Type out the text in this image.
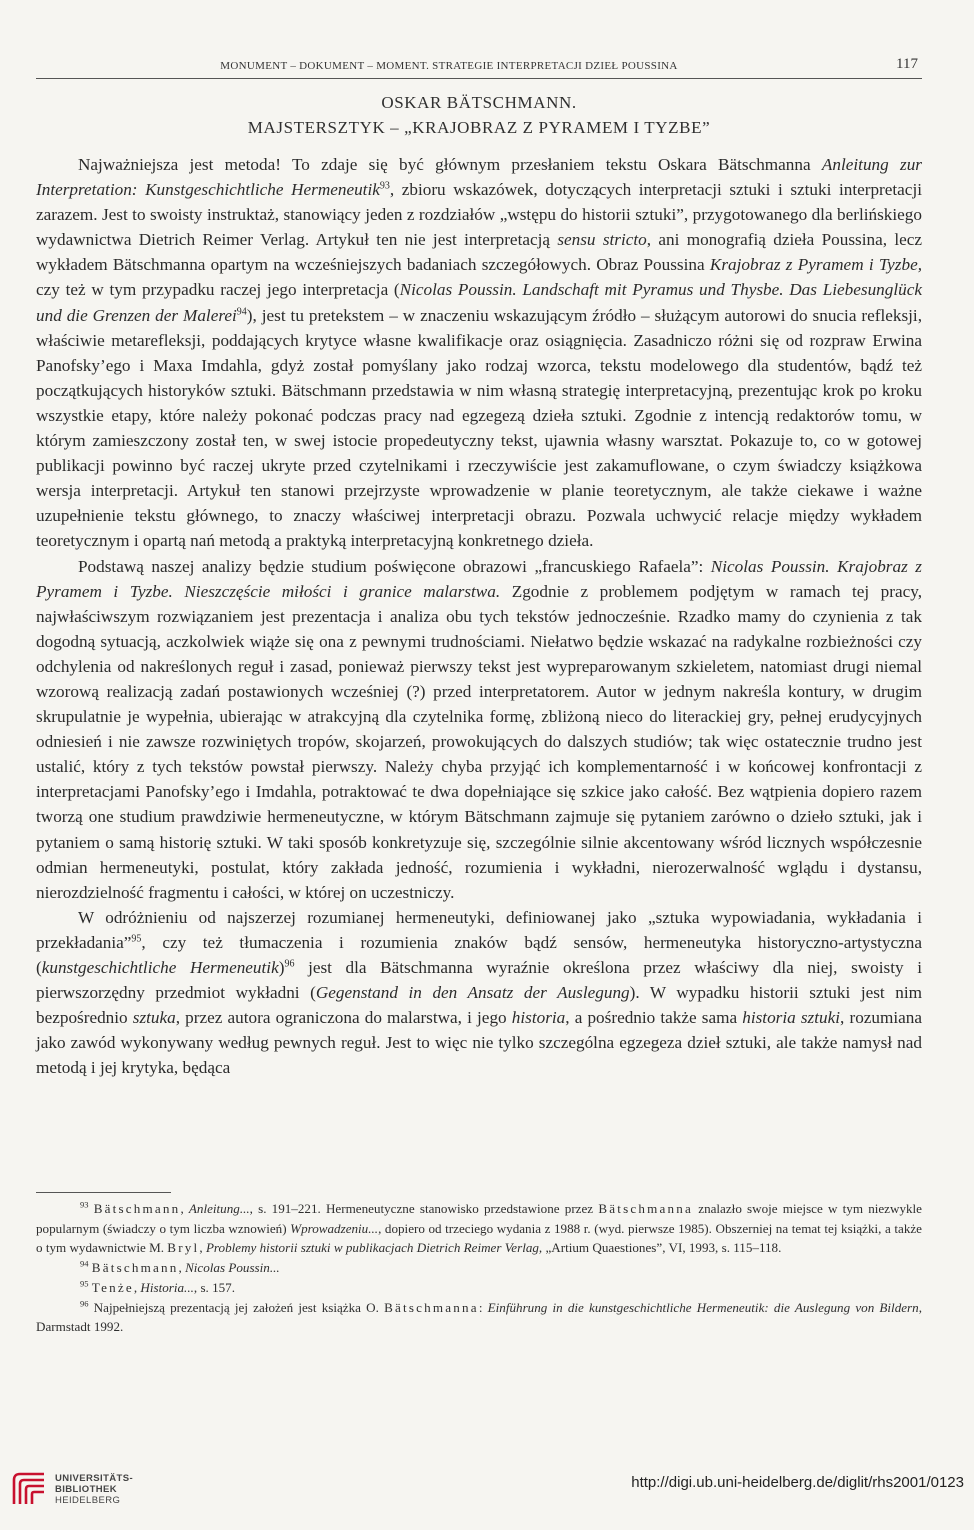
MONUMENT – DOKUMENT – MOMENT. STRATEGIE INTERPRETACJI DZIEŁ POUSSINA	117
OSKAR BÄTSCHMANN.
MAJSTERSZTYK – „KRAJOBRAZ Z PYRAMEM I TYZBE”

Najważniejsza jest metoda! To zdaje się być głównym przesłaniem tekstu Oskara Bätschmanna Anleitung zur Interpretation: Kunstgeschichtliche Hermeneutik$^{93}$, zbioru wskazówek, dotyczących interpretacji sztuki i sztuki interpretacji zarazem. Jest to swoisty instruktaż, stanowiący jeden z rozdziałów „wstępu do historii sztuki”, przygotowanego dla berlińskiego wydawnictwa Dietrich Reimer Verlag. Artykuł ten nie jest interpretacją sensu stricto, ani monografią dzieła Poussina, lecz wykładem Bätschmanna opartym na wcześniejszych badaniach szczegółowych. Obraz Poussina Krajobraz z Pyramem i Tyzbe, czy też w tym przypadku raczej jego interpretacja (Nicolas Poussin. Landschaft mit Pyramus und Thysbe. Das Liebesunglück und die Grenzen der Malerei$^{94}$), jest tu pretekstem – w znaczeniu wskazującym źródło – służącym autorowi do snucia refleksji, właściwie metarefleksji, poddających krytyce własne kwalifikacje oraz osiągnięcia. Zasadniczo różni się od rozpraw Erwina Panofsky’ego i Maxa Imdahla, gdyż został pomyślany jako rodzaj wzorca, tekstu modelowego dla studentów, bądź też początkujących historyków sztuki. Bätschmann przedstawia w nim własną strategię interpretacyjną, prezentując krok po kroku wszystkie etapy, które należy pokonać podczas pracy nad egzegezą dzieła sztuki. Zgodnie z intencją redaktorów tomu, w którym zamieszczony został ten, w swej istocie propedeutyczny tekst, ujawnia własny warsztat. Pokazuje to, co w gotowej publikacji powinno być raczej ukryte przed czytelnikami i rzeczywiście jest zakamuflowane, o czym świadczy książkowa wersja interpretacji. Artykuł ten stanowi przejrzyste wprowadzenie w planie teoretycznym, ale także ciekawe i ważne uzupełnienie tekstu głównego, to znaczy właściwej interpretacji obrazu. Pozwala uchwycić relacje między wykładem teoretycznym i opartą nań metodą a praktyką interpretacyjną konkretnego dzieła.

Podstawą naszej analizy będzie studium poświęcone obrazowi „francuskiego Rafaela”: Nicolas Poussin. Krajobraz z Pyramem i Tyzbe. Nieszczęście miłości i granice malarstwa. Zgodnie z problemem podjętym w ramach tej pracy, najwłaściwszym rozwiązaniem jest prezentacja i analiza obu tych tekstów jednocześnie. Rzadko mamy do czynienia z tak dogodną sytuacją, aczkolwiek wiąże się ona z pewnymi trudnościami. Niełatwo będzie wskazać na radykalne rozbieżności czy odchylenia od nakreślonych reguł i zasad, ponieważ pierwszy tekst jest wypreparowanym szkieletem, natomiast drugi niemal wzorową realizacją zadań postawionych wcześniej (?) przed interpretatorem. Autor w jednym nakreśla kontury, w drugim skrupulatnie je wypełnia, ubierając w atrakcyjną dla czytelnika formę, zbliżoną nieco do literackiej gry, pełnej erudycyjnych odniesień i nie zawsze rozwiniętych tropów, skojarzeń, prowokujących do dalszych studiów; tak więc ostatecznie trudno jest ustalić, który z tych tekstów powstał pierwszy. Należy chyba przyjąć ich komplementarność i w końcowej konfrontacji z interpretacjami Panofsky’ego i Imdahla, potraktować te dwa dopełniające się szkice jako całość. Bez wątpienia dopiero razem tworzą one studium prawdziwie hermeneutyczne, w którym Bätschmann zajmuje się pytaniem zarówno o dzieło sztuki, jak i pytaniem o samą historię sztuki. W taki sposób konkretyzuje się, szczególnie silnie akcentowany wśród licznych współczesnie odmian hermeneutyki, postulat, który zakłada jedność, rozumienia i wykładni, nierozerwalność wglądu i dystansu, nierozdzielność fragmentu i całości, w której on uczestniczy.

W odróżnieniu od najszerzej rozumianej hermeneutyki, definiowanej jako „sztuka wypowiadania, wykładania i przekładania”$^{95}$, czy też tłumaczenia i rozumienia znaków bądź sensów, hermeneutyka historyczno-artystyczna (kunstgeschichtliche Hermeneutik)$^{96}$ jest dla Bätschmanna wyraźnie określona przez właściwy dla niej, swoisty i pierwszorzędny przedmiot wykładni (Gegenstand in den Ansatz der Auslegung). W wypadku historii sztuki jest nim bezpośrednio sztuka, przez autora ograniczona do malarstwa, i jego historia, a pośrednio także sama historia sztuki, rozumiana jako zawód wykonywany według pewnych reguł. Jest to więc nie tylko szczególna egzegeza dzieł sztuki, ale także namysł nad metodą i jej krytyka, będąca

$^{93}$ Bätschmann, Anleitung..., s. 191–221. Hermeneutyczne stanowisko przedstawione przez Bätschmanna znalazło swoje miejsce w tym niezwykle popularnym (świadczy o tym liczba wznowień) Wprowadzeniu..., dopiero od trzeciego wydania z 1988 r. (wyd. pierwsze 1985). Obszerniej na temat tej książki, a także o tym wydawnictwie M. Bryl, Problemy historii sztuki w publikacjach Dietrich Reimer Verlag, „Artium Quaestiones”, VI, 1993, s. 115–118.

$^{94}$ Bätschmann, Nicolas Poussin...

$^{95}$ Tenże, Historia..., s. 157.

$^{96}$ Najpełniejszą prezentacją jej założeń jest książka O. Bätschmanna: Einführung in die kunstgeschichtliche Hermeneutik: die Auslegung von Bildern, Darmstadt 1992.

UNIVERSITÄTS-
BIBLIOTHEK
HEIDELBERG
http://digi.ub.uni-heidelberg.de/diglit/rhs2001/0123
